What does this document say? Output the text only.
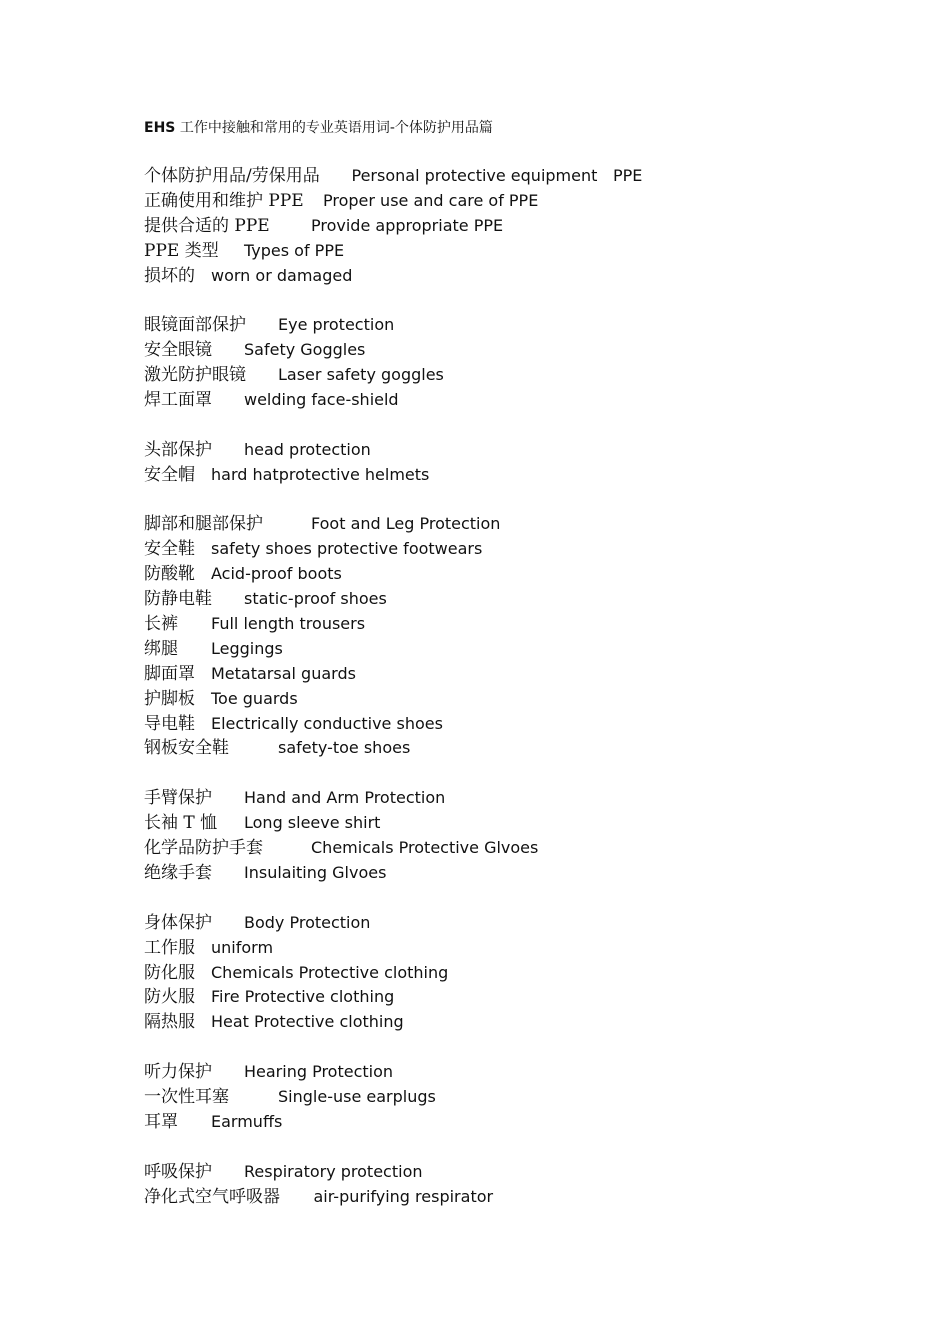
EHS 工作中接触和常用的专业英语用词-个体防护用品篇
个体防护用品/劳保用品 Personal protective equipment PPE
正确使用和维护 PPE Proper use and care of PPE
提供合适的 PPE	Provide appropriate PPE
PPE 类型 Types of PPE
损坏的 worn or damaged
眼镜面部保护 Eye protection
安全眼镜 Safety Goggles
激光防护眼镜 Laser safety goggles
焊工面罩 welding face-shield
头部保护 head protection
安全帽 hard hatprotective helmets
脚部和腿部保护	Foot and Leg Protection
安全鞋 safety shoes protective footwears
防酸靴 Acid-proof boots
防静电鞋 static-proof shoes
长裤 Full length trousers
绑腿 Leggings
脚面罩 Metatarsal guards
护脚板 Toe guards
导电鞋 Electrically conductive shoes
钢板安全鞋	safety-toe shoes
手臂保护 Hand and Arm Protection
长袖 T 恤 Long sleeve shirt
化学品防护手套	Chemicals Protective Glvoes
绝缘手套 Insulaiting Glvoes
身体保护 Body Protection
工作服 uniform
防化服 Chemicals Protective clothing
防火服 Fire Protective clothing
隔热服 Heat Protective clothing
听力保护 Hearing Protection
一次性耳塞	Single-use earplugs
耳罩 Earmuffs
呼吸保护 Respiratory protection
净化式空气呼吸器 air-purifying respirator
